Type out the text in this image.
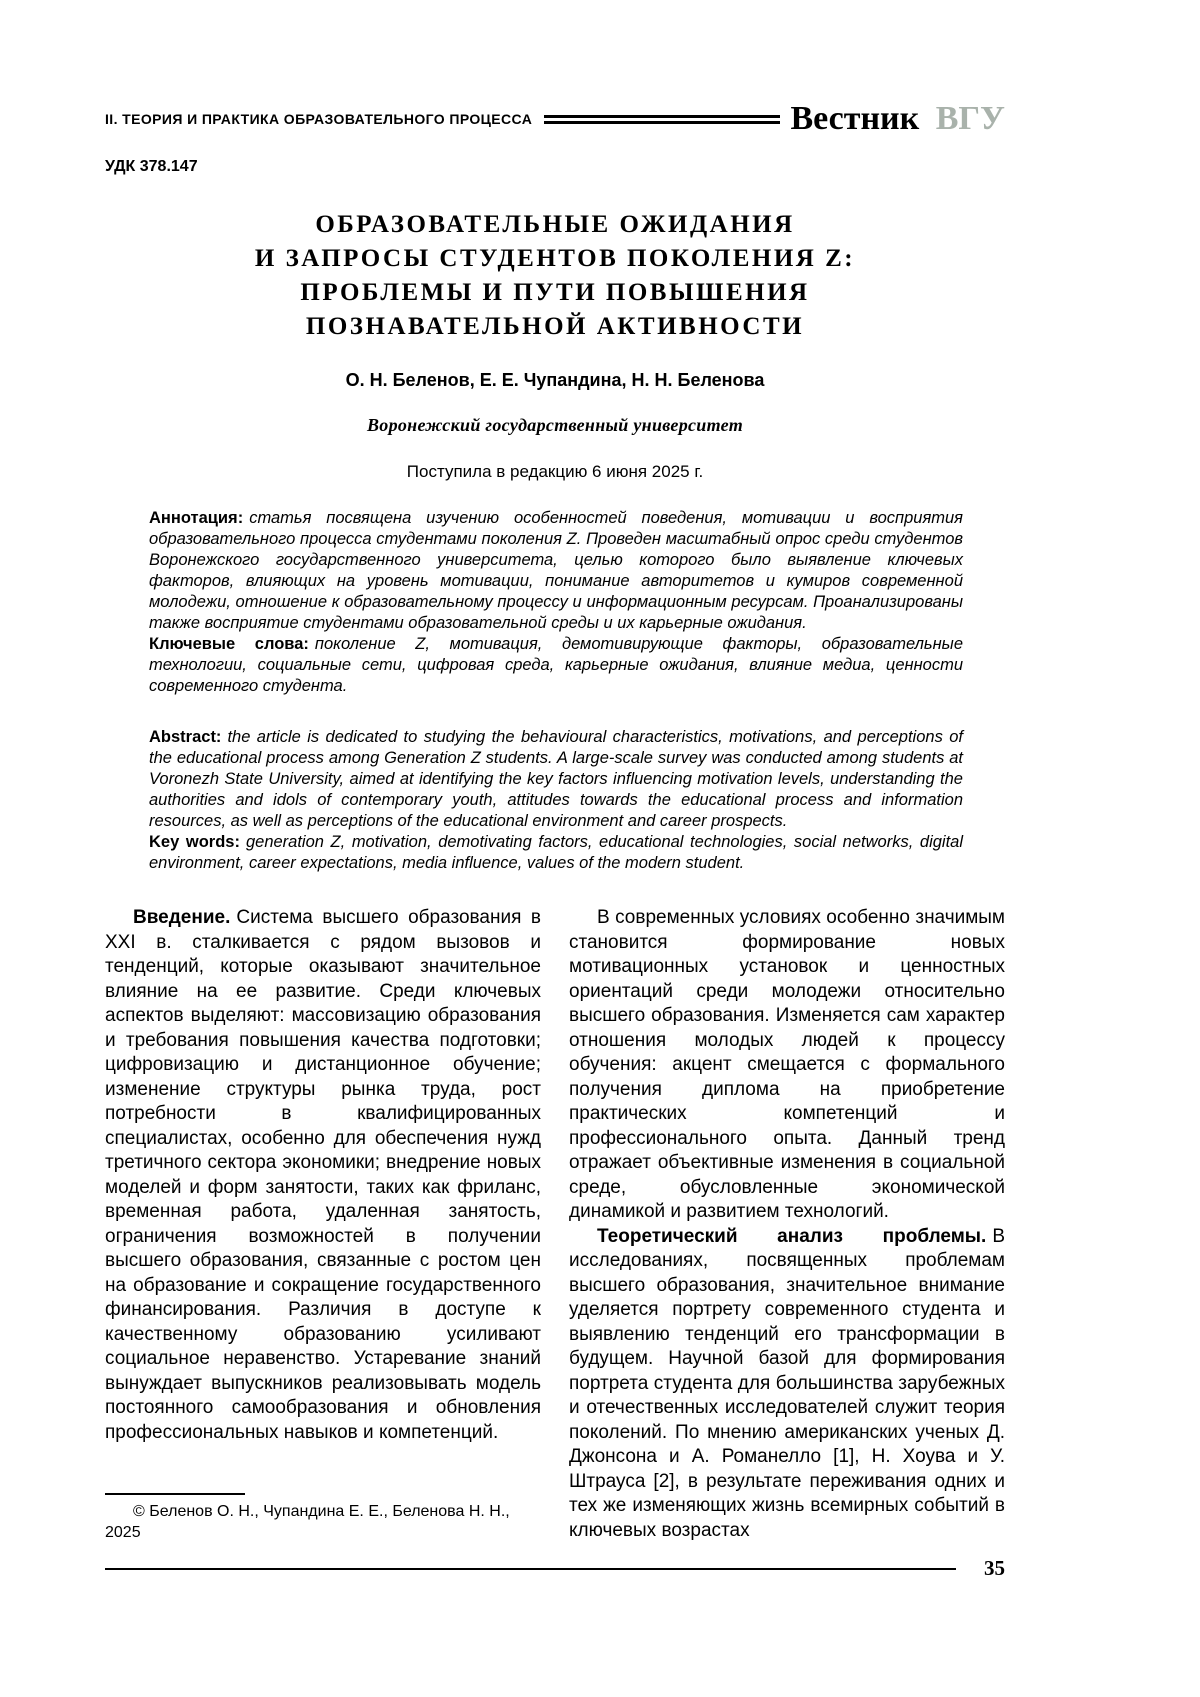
II. ТЕОРИЯ И ПРАКТИКА ОБРАЗОВАТЕЛЬНОГО ПРОЦЕССА	Вестник ВГУ
УДК 378.147
ОБРАЗОВАТЕЛЬНЫЕ ОЖИДАНИЯ
И ЗАПРОСЫ СТУДЕНТОВ ПОКОЛЕНИЯ Z:
ПРОБЛЕМЫ И ПУТИ ПОВЫШЕНИЯ
ПОЗНАВАТЕЛЬНОЙ АКТИВНОСТИ
О. Н. Беленов, Е. Е. Чупандина, Н. Н. Беленова
Воронежский государственный университет
Поступила в редакцию 6 июня 2025 г.

Аннотация: статья посвящена изучению особенностей поведения, мотивации и восприятия образовательного процесса студентами поколения Z. Проведен масштабный опрос среди студентов Воронежского государственного университета, целью которого было выявление ключевых факторов, влияющих на уровень мотивации, понимание авторитетов и кумиров современной молодежи, отношение к образовательному процессу и информационным ресурсам. Проанализированы также восприятие студентами образовательной среды и их карьерные ожидания.

Ключевые слова: поколение Z, мотивация, демотивирующие факторы, образовательные технологии, социальные сети, цифровая среда, карьерные ожидания, влияние медиа, ценности современного студента.

Abstract: the article is dedicated to studying the behavioural characteristics, motivations, and perceptions of the educational process among Generation Z students. A large-scale survey was conducted among students at Voronezh State University, aimed at identifying the key factors influencing motivation levels, understanding the authorities and idols of contemporary youth, attitudes towards the educational process and information resources, as well as perceptions of the educational environment and career prospects.

Key words: generation Z, motivation, demotivating factors, educational technologies, social networks, digital environment, career expectations, media influence, values of the modern student.

Введение. Система высшего образования в XXI в. сталкивается с рядом вызовов и тенденций, которые оказывают значительное влияние на ее развитие. Среди ключевых аспектов выделяют: массовизацию образования и требования повышения качества подготовки; цифровизацию и дистанционное обучение; изменение структуры рынка труда, рост потребности в квалифицированных специалистах, особенно для обеспечения нужд третичного сектора экономики; внедрение новых моделей и форм занятости, таких как фриланс, временная работа, удаленная занятость, ограничения возможностей в получении высшего образования, связанные с ростом цен на образование и сокращение государственного финансирования. Различия в доступе к качественному образованию усиливают социальное неравенство. Устаревание знаний вынуждает выпускников реализовывать модель постоянного самообразования и обновления профессиональных навыков и компетенций.

© Беленов О. Н., Чупандина Е. Е., Беленова Н. Н., 2025

В современных условиях особенно значимым становится формирование новых мотивационных установок и ценностных ориентаций среди молодежи относительно высшего образования. Изменяется сам характер отношения молодых людей к процессу обучения: акцент смещается с формального получения диплома на приобретение практических компетенций и профессионального опыта. Данный тренд отражает объективные изменения в социальной среде, обусловленные экономической динамикой и развитием технологий.

Теоретический анализ проблемы. В исследованиях, посвященных проблемам высшего образования, значительное внимание уделяется портрету современного студента и выявлению тенденций его трансформации в будущем. Научной базой для формирования портрета студента для большинства зарубежных и отечественных исследователей служит теория поколений. По мнению американских ученых Д. Джонсона и А. Романелло [1], Н. Хоува и У. Штрауса [2], в результате переживания одних и тех же изменяющих жизнь всемирных событий в ключевых возрастах

35
